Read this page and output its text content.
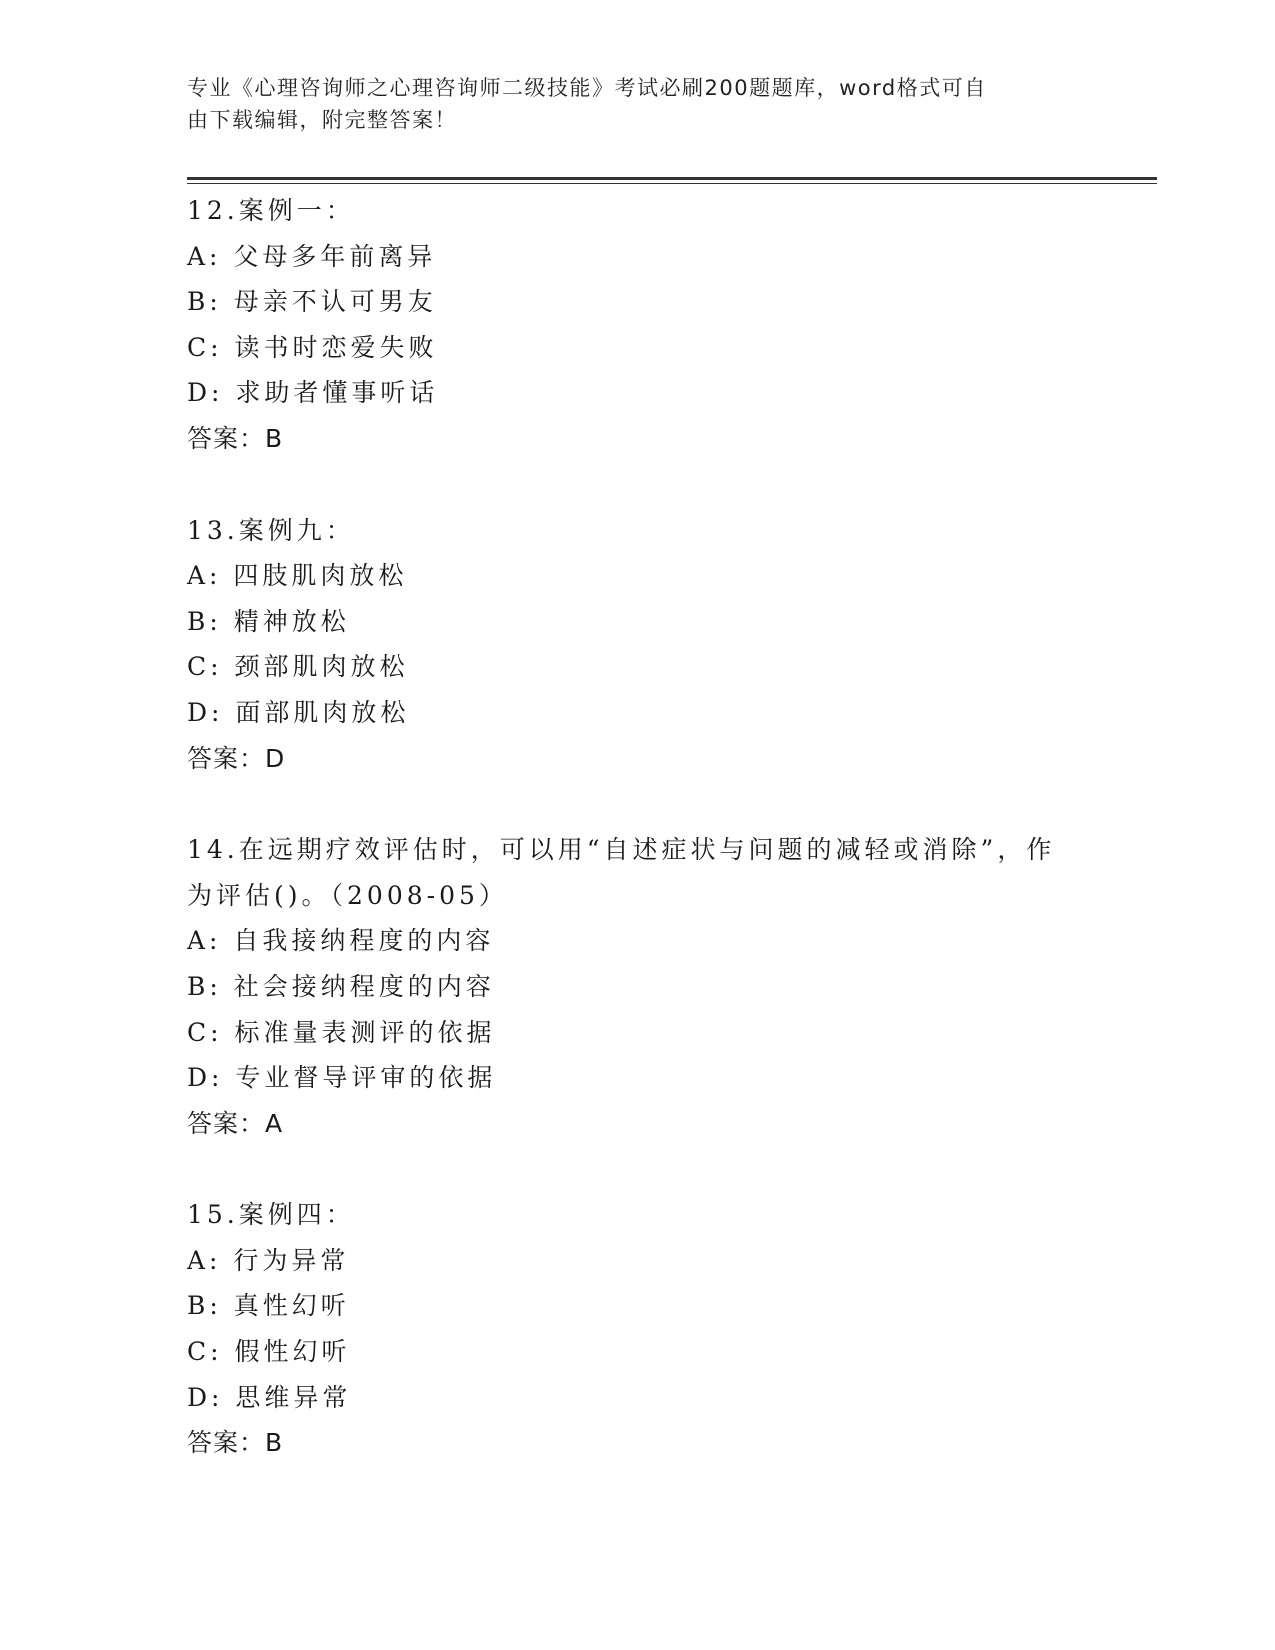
专业《心理咨询师之心理咨询师二级技能》考试必刷200题题库，word格式可自
由下载编辑，附完整答案！
12.案例一：
A: 父母多年前离异
B: 母亲不认可男友
C: 读书时恋爱失败
D: 求助者懂事听话
答案：B
13.案例九：
A: 四肢肌肉放松
B: 精神放松
C: 颈部肌肉放松
D: 面部肌肉放松
答案：D
14.在远期疗效评估时，可以用“自述症状与问题的减轻或消除”，作
为评估()。（2008-05）
A: 自我接纳程度的内容
B: 社会接纳程度的内容
C: 标准量表测评的依据
D: 专业督导评审的依据
答案：A
15.案例四：
A: 行为异常
B: 真性幻听
C: 假性幻听
D: 思维异常
答案：B
